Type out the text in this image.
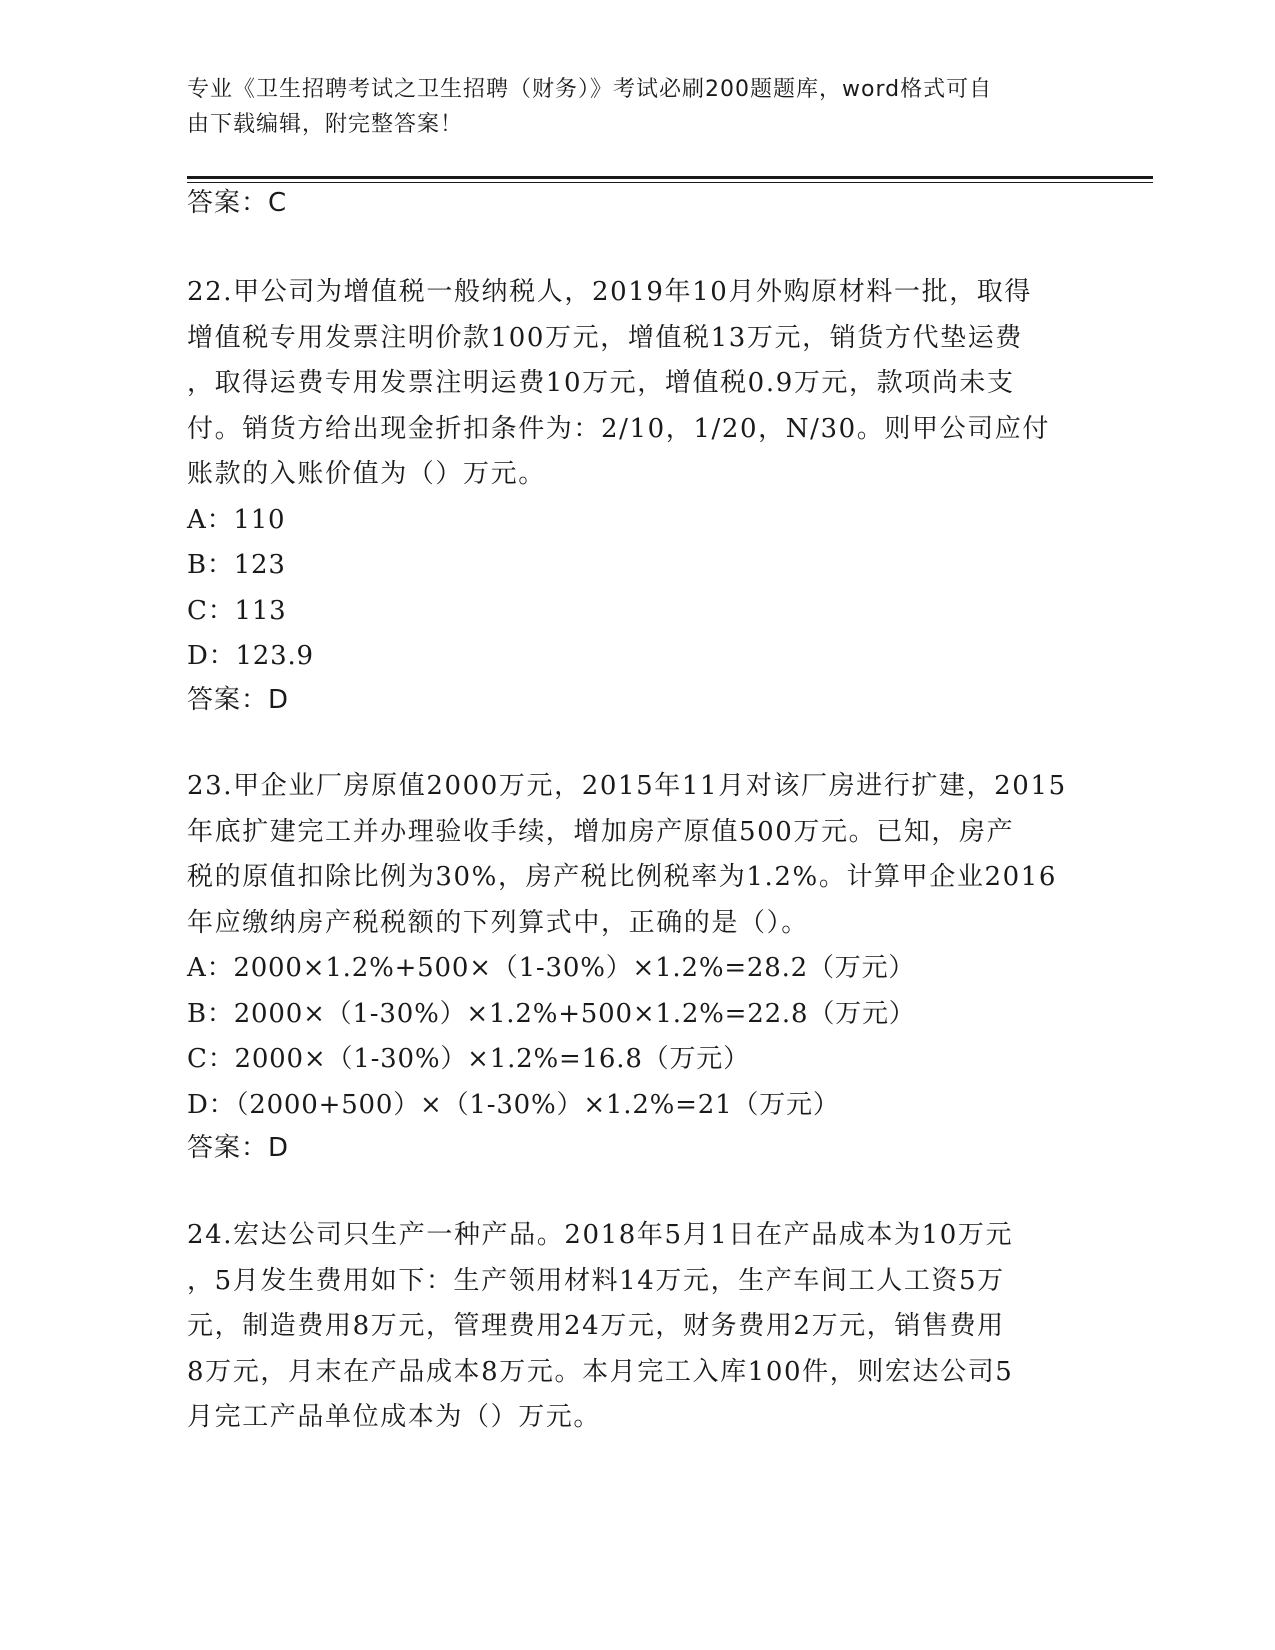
专业《卫生招聘考试之卫生招聘（财务）》考试必刷200题题库，word格式可自
由下载编辑，附完整答案！
答案：C
22.甲公司为增值税一般纳税人，2019年10月外购原材料一批，取得
增值税专用发票注明价款100万元，增值税13万元，销货方代垫运费
，取得运费专用发票注明运费10万元，增值税0.9万元，款项尚未支
付。销货方给出现金折扣条件为：2/10，1/20，N/30。则甲公司应付
账款的入账价值为（）万元。
A：110
B：123
C：113
D：123.9
答案：D
23.甲企业厂房原值2000万元，2015年11月对该厂房进行扩建，2015
年底扩建完工并办理验收手续，增加房产原值500万元。已知，房产
税的原值扣除比例为30%，房产税比例税率为1.2%。计算甲企业2016
年应缴纳房产税税额的下列算式中，正确的是（）。
A：2000×1.2%+500×（1-30%）×1.2%=28.2（万元）
B：2000×（1-30%）×1.2%+500×1.2%=22.8（万元）
C：2000×（1-30%）×1.2%=16.8（万元）
D：（2000+500）×（1-30%）×1.2%=21（万元）
答案：D
24.宏达公司只生产一种产品。2018年5月1日在产品成本为10万元
，5月发生费用如下：生产领用材料14万元，生产车间工人工资5万
元，制造费用8万元，管理费用24万元，财务费用2万元，销售费用
8万元，月末在产品成本8万元。本月完工入库100件，则宏达公司5
月完工产品单位成本为（）万元。
